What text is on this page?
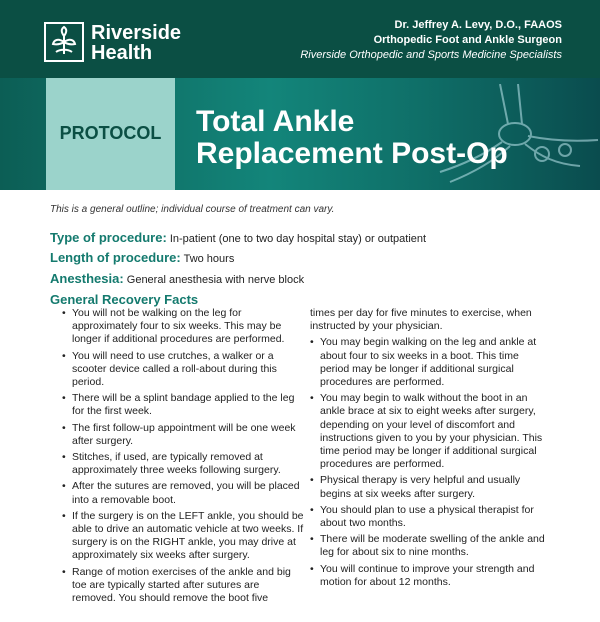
Riverside
Health
Dr. Jeffrey A. Levy, D.O., FAAOS
Orthopedic Foot and Ankle Surgeon
Riverside Orthopedic and Sports Medicine Specialists
PROTOCOL	Total Ankle
Replacement Post-Op
This is a general outline; individual course of treatment can vary.
Type of procedure: In-patient (one to two day hospital stay) or outpatient
Length of procedure: Two hours
Anesthesia: General anesthesia with nerve block
General Recovery Facts
• You will not be walking on the leg for approximately four to six weeks. This may be longer if additional procedures are performed.
• You will need to use crutches, a walker or a scooter device called a roll-about during this period.
• There will be a splint bandage applied to the leg for the first week.
• The first follow-up appointment will be one week after surgery.
• Stitches, if used, are typically removed at approximately three weeks following surgery.
• After the sutures are removed, you will be placed into a removable boot.
• If the surgery is on the LEFT ankle, you should be able to drive an automatic vehicle at two weeks. If surgery is on the RIGHT ankle, you may drive at approximately six weeks after surgery.
• Range of motion exercises of the ankle and big toe are typically started after sutures are removed. You should remove the boot five
times per day for five minutes to exercise, when instructed by your physician.
• You may begin walking on the leg and ankle at about four to six weeks in a boot. This time period may be longer if additional surgical procedures are performed.
• You may begin to walk without the boot in an ankle brace at six to eight weeks after surgery, depending on your level of discomfort and instructions given to you by your physician. This time period may be longer if additional surgical procedures are performed.
• Physical therapy is very helpful and usually begins at six weeks after surgery.
• You should plan to use a physical therapist for about two months.
• There will be moderate swelling of the ankle and leg for about six to nine months.
• You will continue to improve your strength and motion for about 12 months.
